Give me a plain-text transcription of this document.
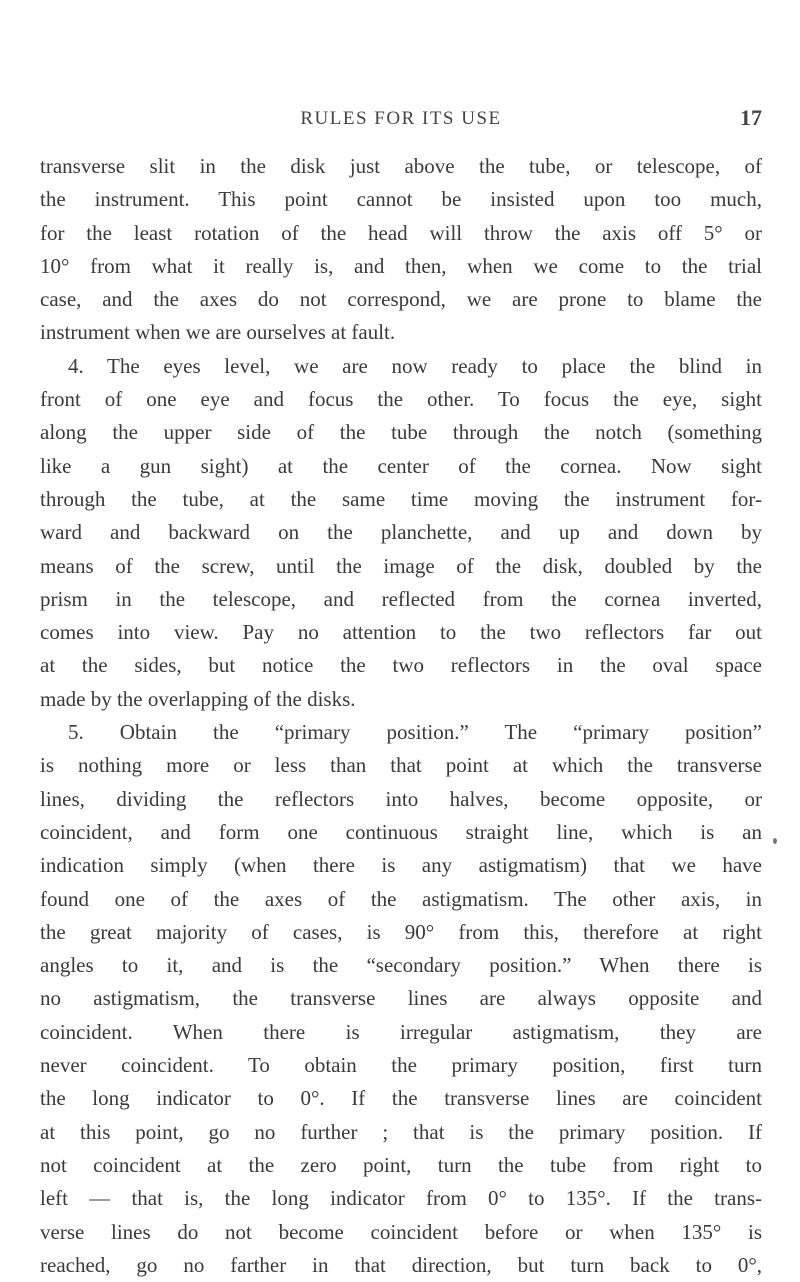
RULES FOR ITS USE	17
transverse slit in the disk just above the tube, or telescope, of
the instrument. This point cannot be insisted upon too much,
for the least rotation of the head will throw the axis off 5° or
10° from what it really is, and then, when we come to the trial
case, and the axes do not correspond, we are prone to blame the
instrument when we are ourselves at fault.
4. The eyes level, we are now ready to place the blind in
front of one eye and focus the other. To focus the eye, sight
along the upper side of the tube through the notch (something
like a gun sight) at the center of the cornea. Now sight
through the tube, at the same time moving the instrument for-
ward and backward on the planchette, and up and down by
means of the screw, until the image of the disk, doubled by the
prism in the telescope, and reflected from the cornea inverted,
comes into view. Pay no attention to the two reflectors far out
at the sides, but notice the two reflectors in the oval space
made by the overlapping of the disks.
5. Obtain the “primary position.” The “primary position”
is nothing more or less than that point at which the transverse
lines, dividing the reflectors into halves, become opposite, or
coincident, and form one continuous straight line, which is an
indication simply (when there is any astigmatism) that we have
found one of the axes of the astigmatism. The other axis, in
the great majority of cases, is 90° from this, therefore at right
angles to it, and is the “secondary position.” When there is
no astigmatism, the transverse lines are always opposite and
coincident. When there is irregular astigmatism, they are
never coincident. To obtain the primary position, first turn
the long indicator to 0°. If the transverse lines are coincident
at this point, go no further ; that is the primary position. If
not coincident at the zero point, turn the tube from right to
left — that is, the long indicator from 0° to 135°. If the trans-
verse lines do not become coincident before or when 135° is
reached, go no farther in that direction, but turn back to 0°,
